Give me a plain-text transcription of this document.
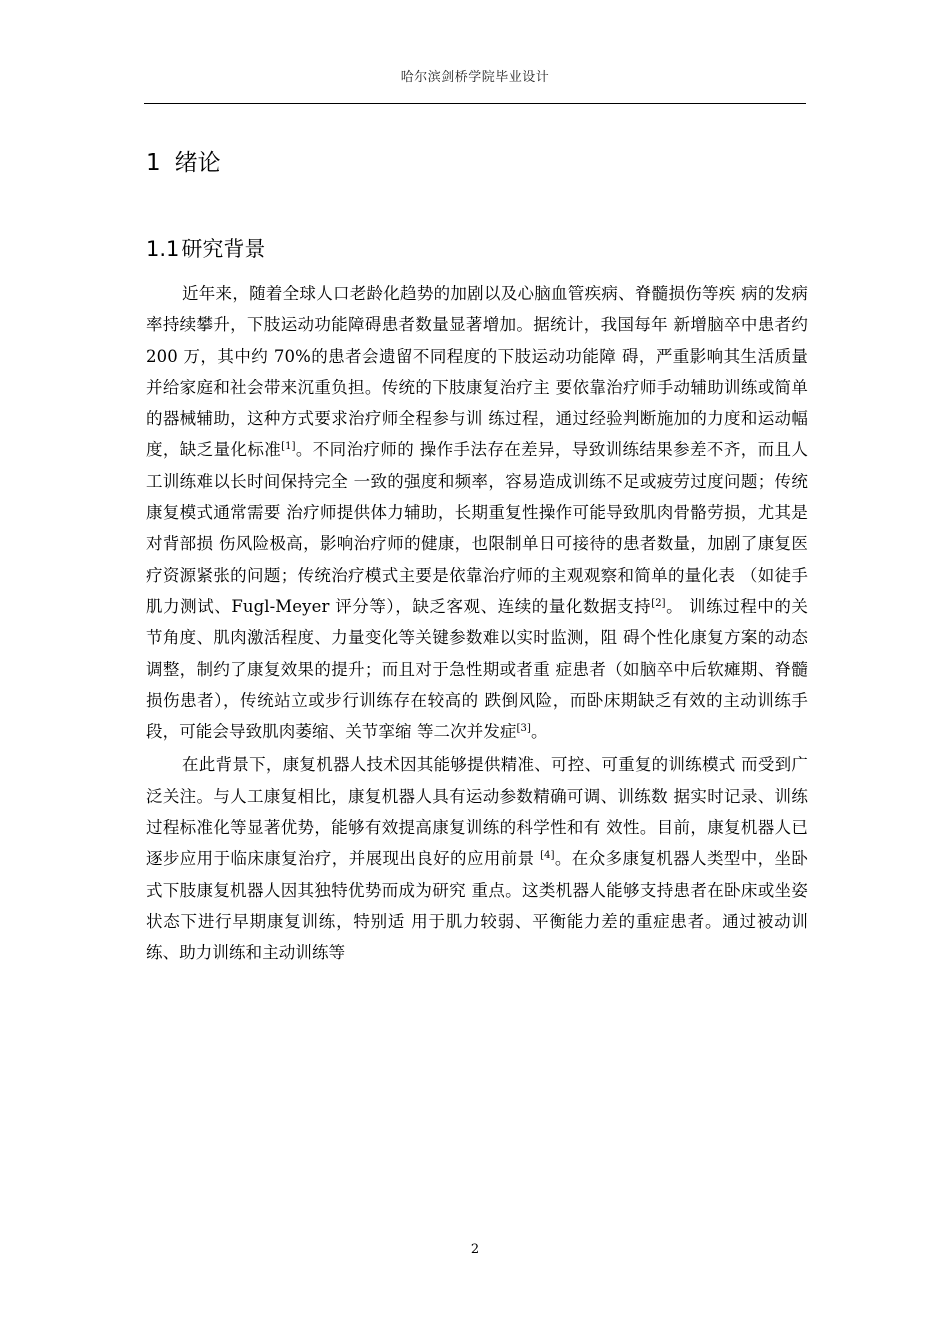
哈尔滨剑桥学院毕业设计
1 绪论
1.1研究背景

近年来，随着全球人口老龄化趋势的加剧以及心脑血管疾病、脊髓损伤等疾 病的发病率持续攀升，下肢运动功能障碍患者数量显著增加。据统计，我国每年 新增脑卒中患者约 200 万，其中约 70%的患者会遗留不同程度的下肢运动功能障 碍，严重影响其生活质量并给家庭和社会带来沉重负担。传统的下肢康复治疗主 要依靠治疗师手动辅助训练或简单的器械辅助，这种方式要求治疗师全程参与训 练过程，通过经验判断施加的力度和运动幅度，缺乏量化标准[1]。不同治疗师的 操作手法存在差异，导致训练结果参差不齐，而且人工训练难以长时间保持完全 一致的强度和频率，容易造成训练不足或疲劳过度问题；传统康复模式通常需要 治疗师提供体力辅助，长期重复性操作可能导致肌肉骨骼劳损，尤其是对背部损 伤风险极高，影响治疗师的健康，也限制单日可接待的患者数量，加剧了康复医 疗资源紧张的问题；传统治疗模式主要是依靠治疗师的主观观察和简单的量化表 （如徒手肌力测试、Fugl-Meyer 评分等），缺乏客观、连续的量化数据支持[2]。 训练过程中的关节角度、肌肉激活程度、力量变化等关键参数难以实时监测，阻 碍个性化康复方案的动态调整，制约了康复效果的提升；而且对于急性期或者重 症患者（如脑卒中后软瘫期、脊髓损伤患者），传统站立或步行训练存在较高的 跌倒风险，而卧床期缺乏有效的主动训练手段，可能会导致肌肉萎缩、关节挛缩 等二次并发症[3]。

在此背景下，康复机器人技术因其能够提供精准、可控、可重复的训练模式 而受到广泛关注。与人工康复相比，康复机器人具有运动参数精确可调、训练数 据实时记录、训练过程标准化等显著优势，能够有效提高康复训练的科学性和有 效性。目前，康复机器人已逐步应用于临床康复治疗，并展现出良好的应用前景 [4]。在众多康复机器人类型中，坐卧式下肢康复机器人因其独特优势而成为研究 重点。这类机器人能够支持患者在卧床或坐姿状态下进行早期康复训练，特别适 用于肌力较弱、平衡能力差的重症患者。通过被动训练、助力训练和主动训练等

2
